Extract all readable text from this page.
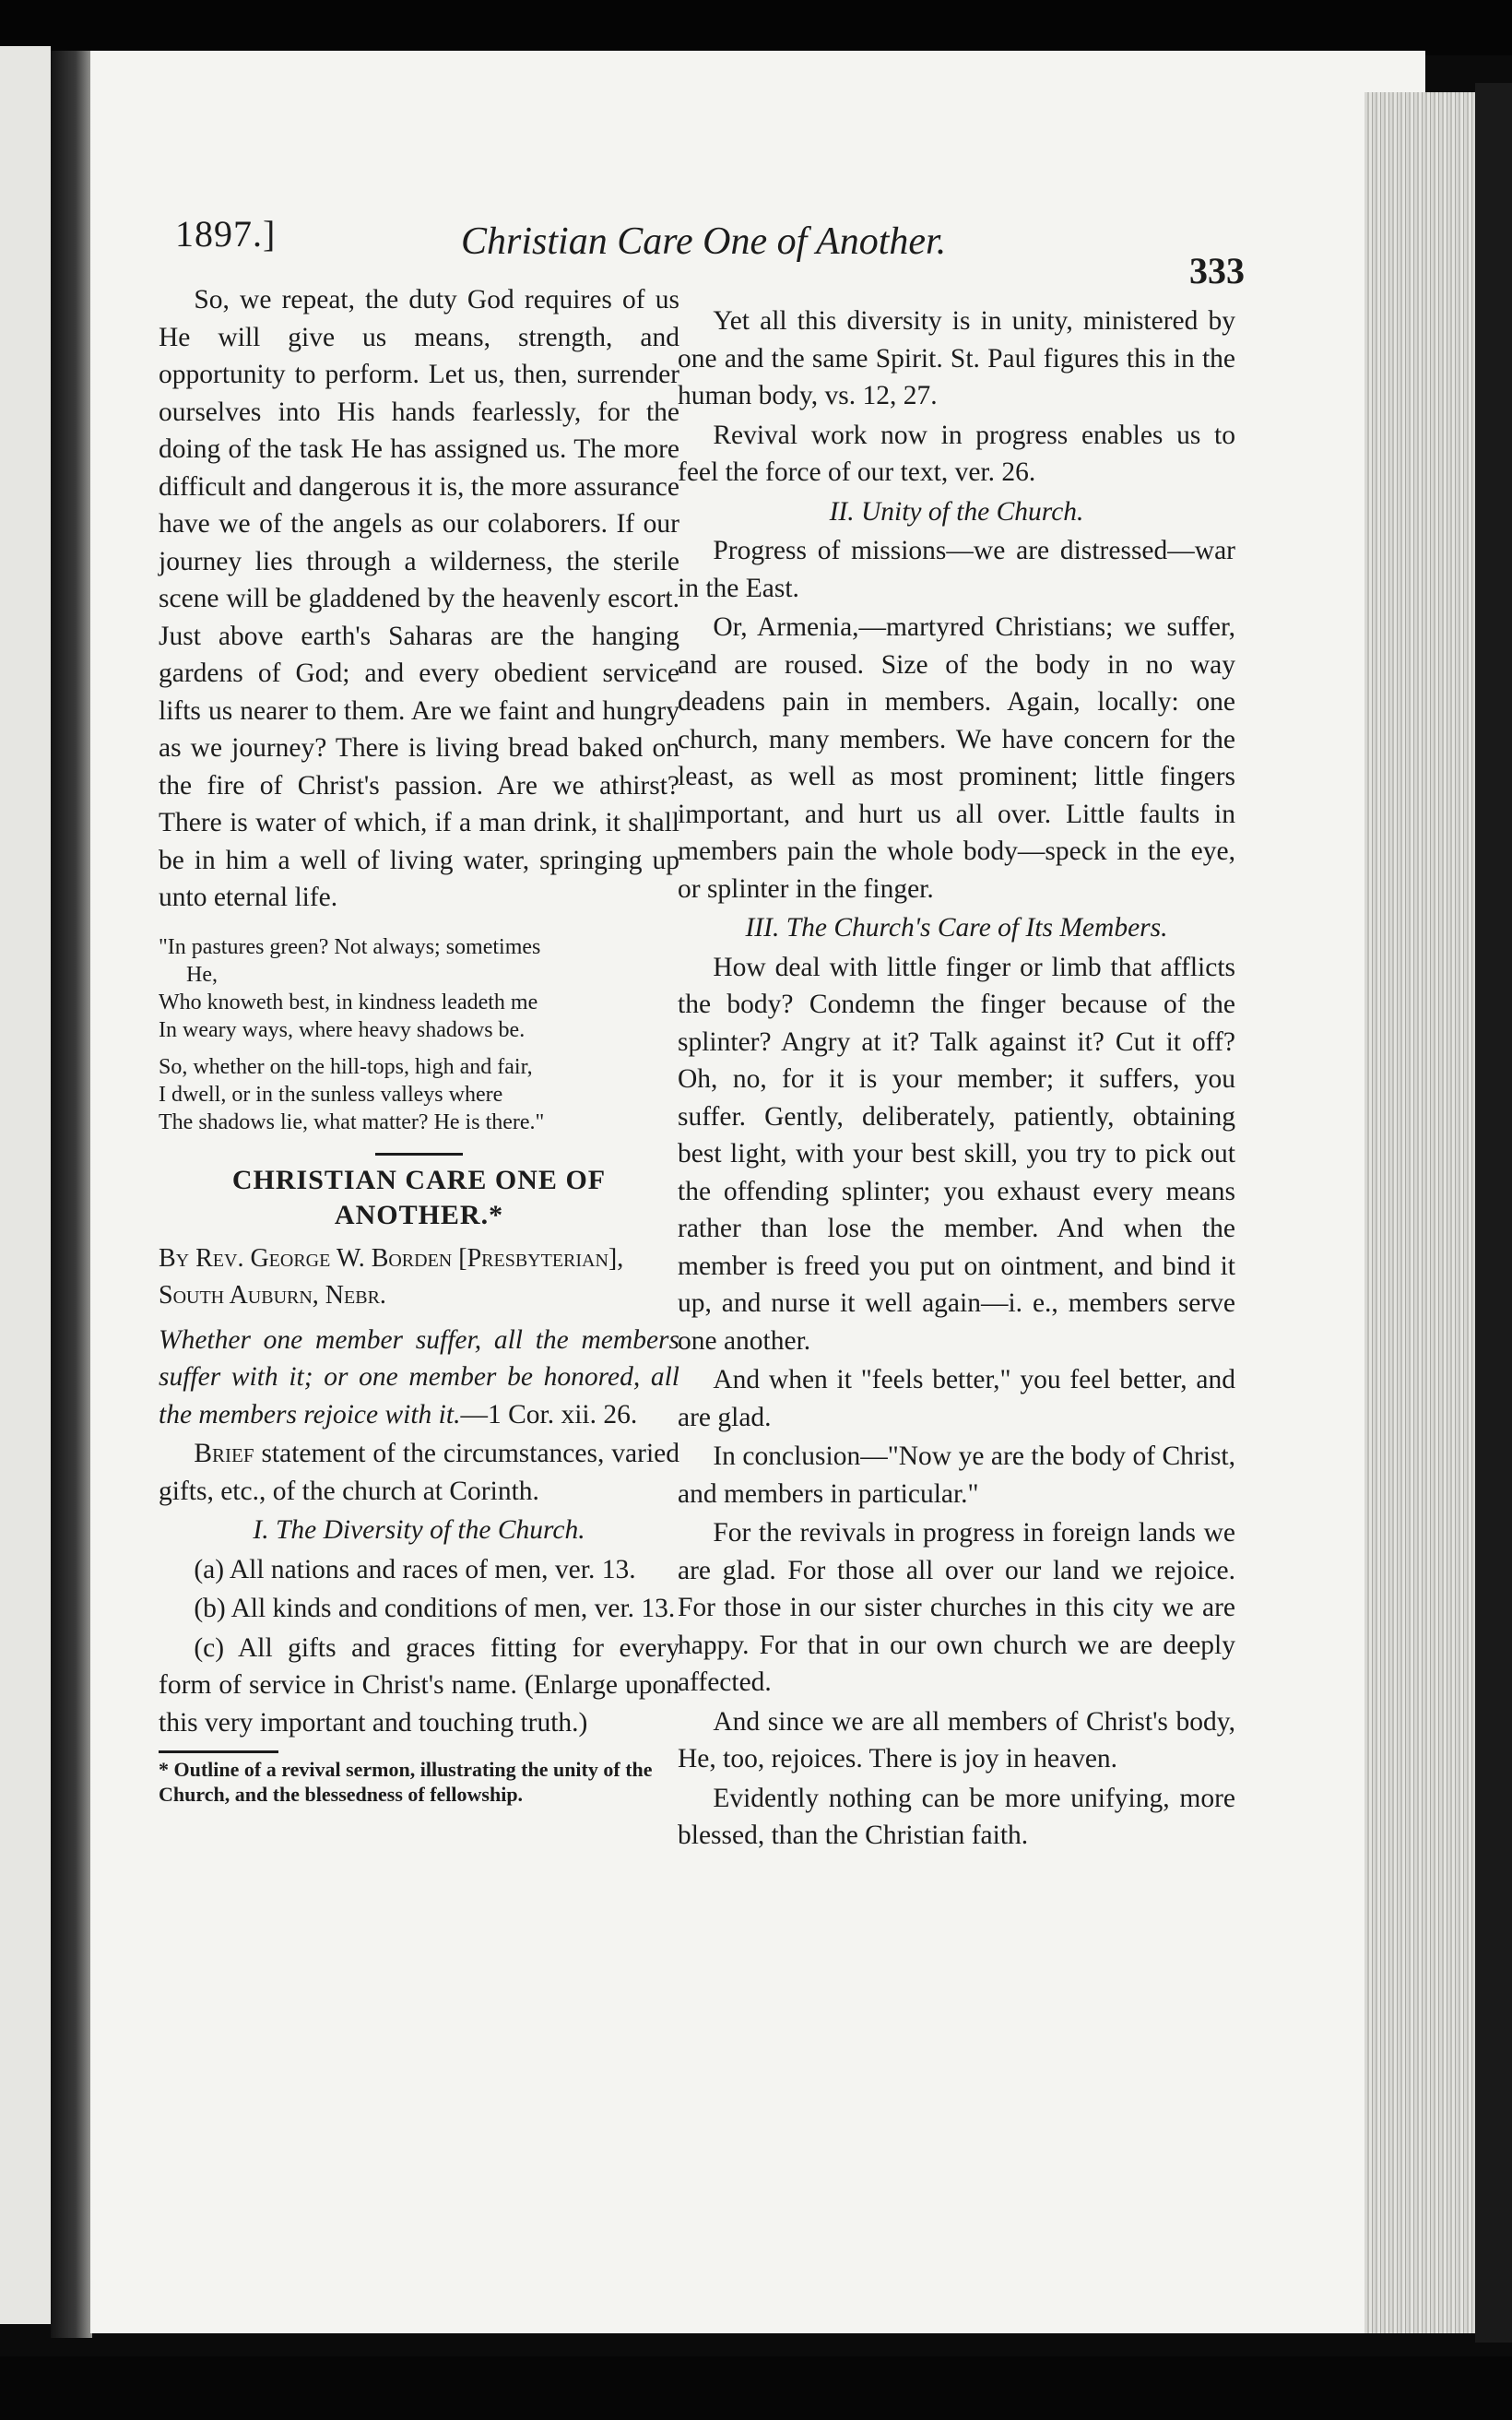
1897.]	Christian Care One of Another.
333

So, we repeat, the duty God requires of us He will give us means, strength, and opportunity to perform. Let us, then, surrender ourselves into His hands fearlessly, for the doing of the task He has assigned us. The more difficult and dangerous it is, the more assurance have we of the angels as our colaborers. If our journey lies through a wilderness, the sterile scene will be gladdened by the heavenly escort. Just above earth's Saharas are the hanging gardens of God; and every obedient service lifts us nearer to them. Are we faint and hungry as we journey? There is living bread baked on the fire of Christ's passion. Are we athirst? There is water of which, if a man drink, it shall be in him a well of living water, springing up unto eternal life.

"In pastures green? Not always; sometimes
He,
Who knoweth best, in kindness leadeth me
In weary ways, where heavy shadows be.
So, whether on the hill-tops, high and fair,
I dwell, or in the sunless valleys where
The shadows lie, what matter? He is there."
CHRISTIAN CARE ONE OF ANOTHER.*
By Rev. George W. Borden [Presbyterian], South Auburn, Nebr.

Whether one member suffer, all the members suffer with it; or one member be honored, all the members rejoice with it.—1 Cor. xii. 26.

Brief statement of the circumstances, varied gifts, etc., of the church at Corinth.

I. The Diversity of the Church.

(a) All nations and races of men, ver. 13.

(b) All kinds and conditions of men, ver. 13.

(c) All gifts and graces fitting for every form of service in Christ's name. (Enlarge upon this very important and touching truth.)

* Outline of a revival sermon, illustrating the unity of the Church, and the blessedness of fellowship.

Yet all this diversity is in unity, ministered by one and the same Spirit. St. Paul figures this in the human body, vs. 12, 27.

Revival work now in progress enables us to feel the force of our text, ver. 26.

II. Unity of the Church.

Progress of missions—we are distressed—war in the East.

Or, Armenia,—martyred Christians; we suffer, and are roused. Size of the body in no way deadens pain in members. Again, locally: one church, many members. We have concern for the least, as well as most prominent; little fingers important, and hurt us all over. Little faults in members pain the whole body—speck in the eye, or splinter in the finger.

III. The Church's Care of Its Members.

How deal with little finger or limb that afflicts the body? Condemn the finger because of the splinter? Angry at it? Talk against it? Cut it off? Oh, no, for it is your member; it suffers, you suffer. Gently, deliberately, patiently, obtaining best light, with your best skill, you try to pick out the offending splinter; you exhaust every means rather than lose the member. And when the member is freed you put on ointment, and bind it up, and nurse it well again—i. e., members serve one another.

And when it "feels better," you feel better, and are glad.

In conclusion—"Now ye are the body of Christ, and members in particular."

For the revivals in progress in foreign lands we are glad. For those all over our land we rejoice. For those in our sister churches in this city we are happy. For that in our own church we are deeply affected.

And since we are all members of Christ's body, He, too, rejoices. There is joy in heaven.

Evidently nothing can be more unifying, more blessed, than the Christian faith.
